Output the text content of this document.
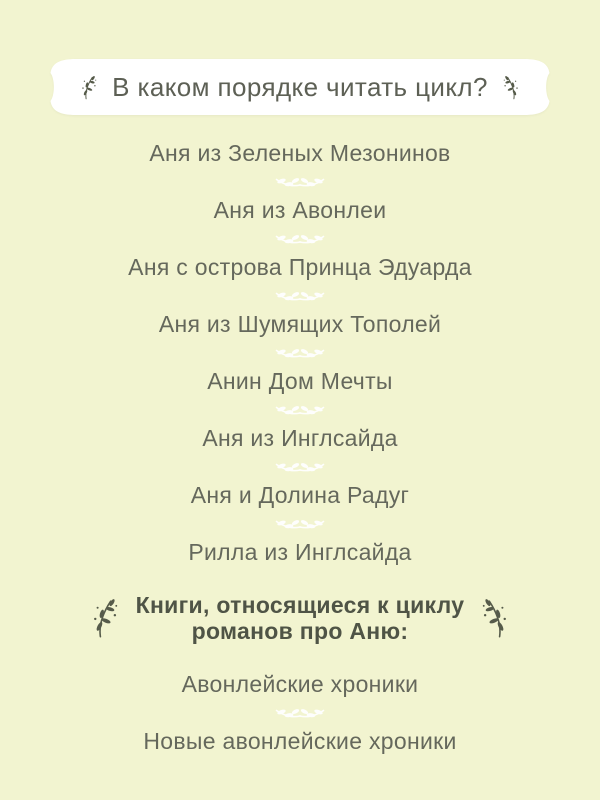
В каком порядке читать цикл?
Аня из Зеленых Мезонинов
Аня из Авонлеи
Аня с острова Принца Эдуарда
Аня из Шумящих Тополей
Анин Дом Мечты
Аня из Инглсайда
Аня и Долина Радуг
Рилла из Инглсайда
Книги, относящиеся к циклу
романов про Аню:
Авонлейские хроники
Новые авонлейские хроники
